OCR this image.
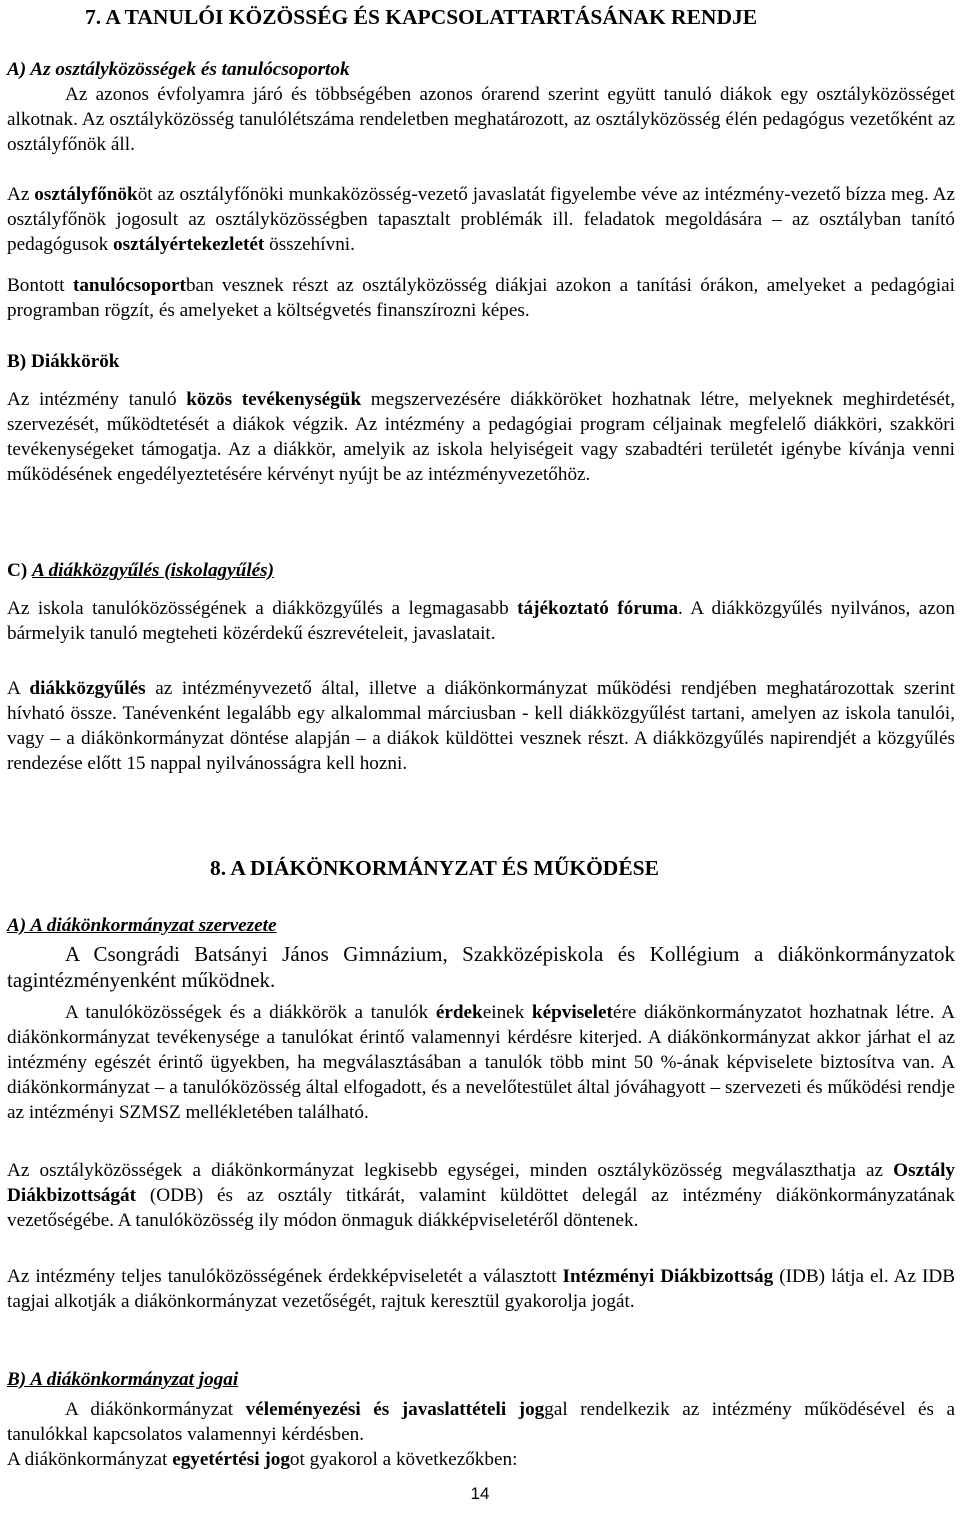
7. A TANULÓI KÖZÖSSÉG ÉS KAPCSOLATTARTÁSÁNAK RENDJE

A) Az osztályközösségek és tanulócsoportok

Az azonos évfolyamra járó és többségében azonos órarend szerint együtt tanuló diákok egy osztályközösséget alkotnak. Az osztályközösség tanulólétszáma rendeletben meghatározott, az osztályközösség élén pedagógus vezetőként az osztályfőnök áll.

Az osztályfőnököt az osztályfőnöki munkaközösség-vezető javaslatát figyelembe véve az intézmény-vezető bízza meg. Az osztályfőnök jogosult az osztályközösségben tapasztalt problémák ill. feladatok megoldására – az osztályban tanító pedagógusok osztályértekezletét összehívni.

Bontott tanulócsoportban vesznek részt az osztályközösség diákjai azokon a tanítási órákon, amelyeket a pedagógiai programban rögzít, és amelyeket a költségvetés finanszírozni képes.

B) Diákkörök

Az intézmény tanuló közös tevékenységük megszervezésére diákköröket hozhatnak létre, melyeknek meghirdetését, szervezését, működtetését a diákok végzik. Az intézmény a pedagógiai program céljainak megfelelő diákköri, szakköri tevékenységeket támogatja. Az a diákkör, amelyik az iskola helyiségeit vagy szabadtéri területét igénybe kívánja venni működésének engedélyeztetésére kérvényt nyújt be az intézményvezetőhöz.

C) A diákközgyűlés (iskolagyűlés)

Az iskola tanulóközösségének a diákközgyűlés a legmagasabb tájékoztató fóruma. A diákközgyűlés nyilvános, azon bármelyik tanuló megteheti közérdekű észrevételeit, javaslatait.

A diákközgyűlés az intézményvezető által, illetve a diákönkormányzat működési rendjében meghatározottak szerint hívható össze. Tanévenként legalább egy alkalommal márciusban - kell diákközgyűlést tartani, amelyen az iskola tanulói, vagy – a diákönkormányzat döntése alapján – a diákok küldöttei vesznek részt. A diákközgyűlés napirendjét a közgyűlés rendezése előtt 15 nappal nyilvánosságra kell hozni.

8. A DIÁKÖNKORMÁNYZAT ÉS MŰKÖDÉSE

A) A diákönkormányzat szervezete

A Csongrádi Batsányi János Gimnázium, Szakközépiskola és Kollégium a diákönkormányzatok tagintézményenként működnek.

A tanulóközösségek és a diákkörök a tanulók érdekeinek képviseletére diákönkormányzatot hozhatnak létre. A diákönkormányzat tevékenysége a tanulókat érintő valamennyi kérdésre kiterjed. A diákönkormányzat akkor járhat el az intézmény egészét érintő ügyekben, ha megválasztásában a tanulók több mint 50 %-ának képviselete biztosítva van. A diákönkormányzat – a tanulóközösség által elfogadott, és a nevelőtestület által jóváhagyott – szervezeti és működési rendje az intézményi SZMSZ mellékletében található.

Az osztályközösségek a diákönkormányzat legkisebb egységei, minden osztályközösség megválaszthatja az Osztály Diákbizottságát (ODB) és az osztály titkárát, valamint küldöttet delegál az intézmény diákönkormányzatának vezetőségébe. A tanulóközösség ily módon önmaguk diákképviseletéről döntenek.

Az intézmény teljes tanulóközösségének érdekképviseletét a választott Intézményi Diákbizottság (IDB) látja el. Az IDB tagjai alkotják a diákönkormányzat vezetőségét, rajtuk keresztül gyakorolja jogát.

B) A diákönkormányzat jogai

A diákönkormányzat véleményezési és javaslattételi joggal rendelkezik az intézmény működésével és a tanulókkal kapcsolatos valamennyi kérdésben.

A diákönkormányzat egyetértési jogot gyakorol a következőkben:

14
